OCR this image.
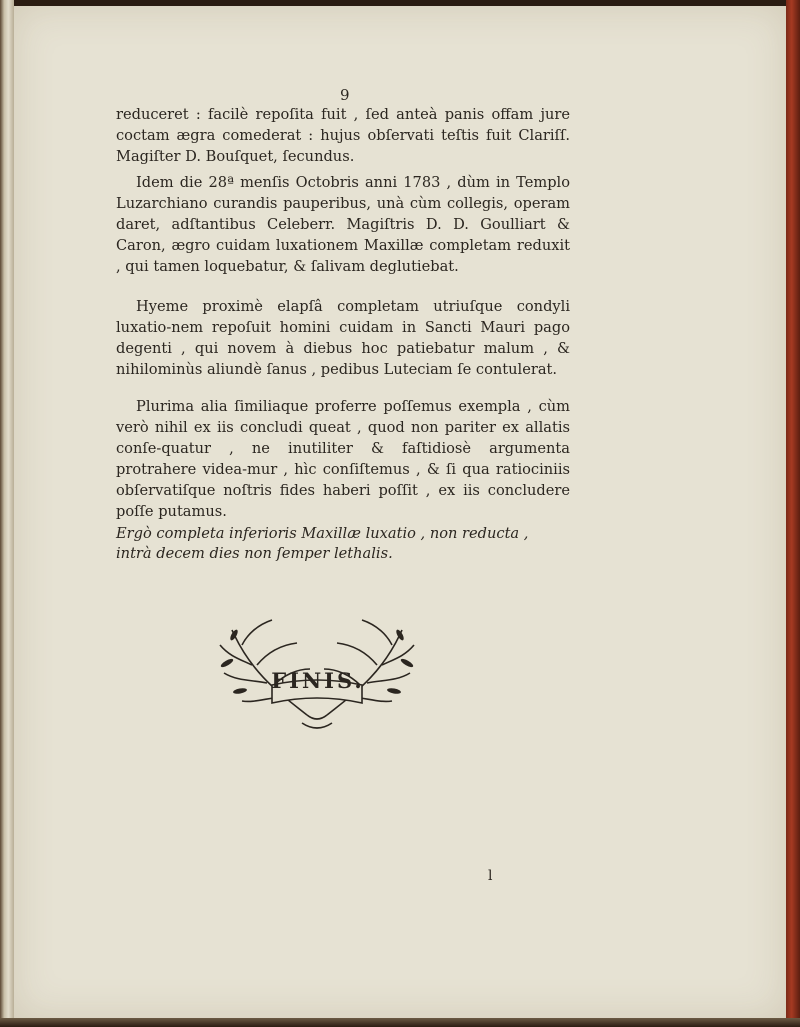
9

reduceret : facilè repoſita fuit , ſed anteà panis offam jure coctam ægra comederat : hujus obſervati teſtis fuit Clariſſ. Magiſter D. Bouſquet, ſecundus.

Idem die 28ª menſis Octobris anni 1783 , dùm in Templo Luzarchiano curandis pauperibus, unà cùm collegis, operam daret, adſtantibus Celeberr. Magiſtris D. D. Goulliart & Caron, ægro cuidam luxationem Maxillæ completam reduxit , qui tamen loquebatur, & ſalivam deglutiebat.

Hyeme proximè elapſâ completam utriuſque condyli luxatio-nem repoſuit homini cuidam in Sancti Mauri pago degenti , qui novem à diebus hoc patiebatur malum , & nihilominùs aliundè ſanus , pedibus Luteciam ſe contulerat.

Plurima alia ſimiliaque proferre poſſemus exempla , cùm verò nihil ex iis concludi queat , quod non pariter ex allatis conſe-quatur , ne inutiliter & faſtidiosè argumenta protrahere videa-mur , hìc conſiſtemus , & ſi qua ratiociniis obſervatiſque noſtris fides haberi poſſit , ex iis concludere poſſe putamus.

Ergò completa inferioris Maxillæ luxatio , non reducta , intrà decem dies non ſemper lethalis.
FINIS.
l
